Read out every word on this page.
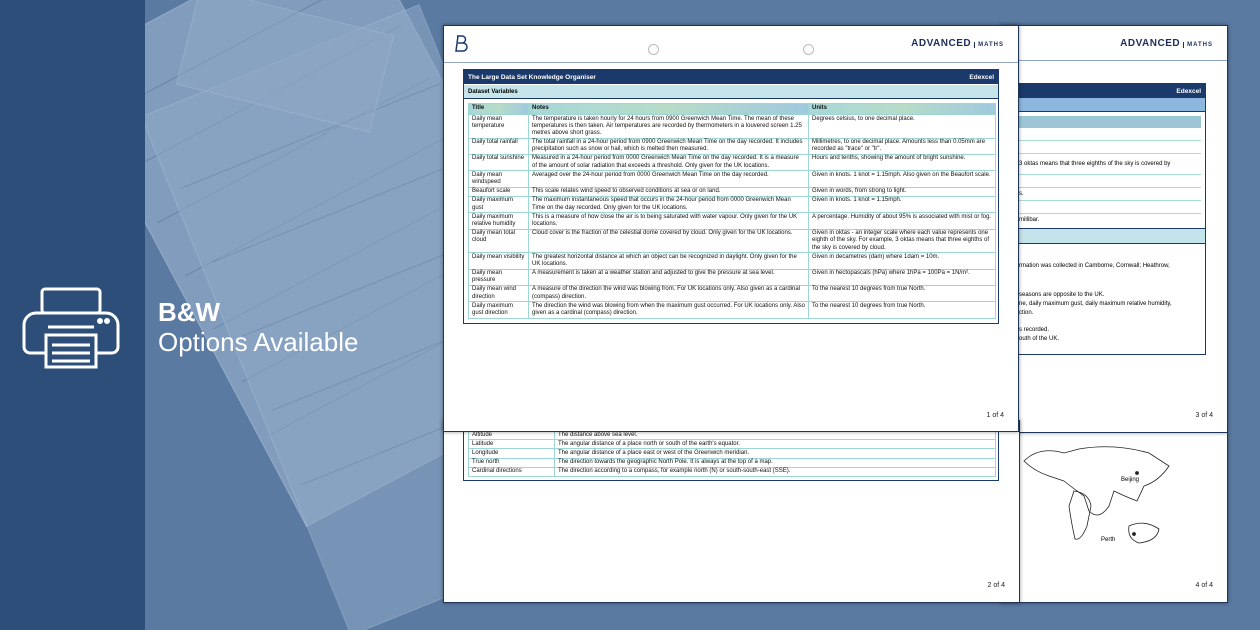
B&W
Options Available
Beijing
Perth
4 of 4
ADVANCED MATHS
Edexcel

3 oktas means that three eighths of the sky is covered by

s.

millibar.
rmation was collected in Camborne, Cornwall; Heathrow,
seasons are opposite to the UK.
ne, daily maximum gust, daily maximum relative humidity,
ction.
s recorded.
outh of the UK.
3 of 4
Altitude	The distance above sea level.
Latitude	The angular distance of a place north or south of the earth's equator.
Longitude	The angular distance of a place east or west of the Greenwich meridian.
True north	The direction towards the geographic North Pole. It is always at the top of a map.
Cardinal directions	The direction according to a compass, for example north (N) or south-south-east (SSE).
2 of 4
ADVANCED MATHS
The Large Data Set Knowledge Organiser	Edexcel
Dataset Variables
Title	Notes	Units
Daily mean temperature	The temperature is taken hourly for 24 hours from 0900 Greenwich Mean Time. The mean of these temperatures is then taken. Air temperatures are recorded by thermometers in a louvered screen 1.25 metres above short grass.	Degrees celsius, to one decimal place.
Daily total rainfall	The total rainfall in a 24-hour period from 0900 Greenwich Mean Time on the day recorded. It includes precipitation such as snow or hail, which is melted then measured.	Millimetres, to one decimal place. Amounts less than 0.05mm are recorded as "trace" or "tr".
Daily total sunshine	Measured in a 24-hour period from 0000 Greenwich Mean Time on the day recorded. It is a measure of the amount of solar radiation that exceeds a threshold. Only given for the UK locations.	Hours and tenths, showing the amount of bright sunshine.
Daily mean windspeed	Averaged over the 24-hour period from 0000 Greenwich Mean Time on the day recorded.	Given in knots. 1 knot = 1.15mph. Also given on the Beaufort scale.
Beaufort scale	This scale relates wind speed to observed conditions at sea or on land.	Given in words, from strong to light.
Daily maximum gust	The maximum instantaneous speed that occurs in the 24-hour period from 0000 Greenwich Mean Time on the day recorded. Only given for the UK locations.	Given in knots. 1 knot = 1.15mph.
Daily maximum relative humidity	This is a measure of how close the air is to being saturated with water vapour. Only given for the UK locations.	A percentage. Humidity of about 95% is associated with mist or fog.
Daily mean total cloud	Cloud cover is the fraction of the celestial dome covered by cloud. Only given for the UK locations.	Given in oktas - an integer scale where each value represents one eighth of the sky. For example, 3 oktas means that three eighths of the sky is covered by cloud.
Daily mean visibility	The greatest horizontal distance at which an object can be recognized in daylight. Only given for the UK locations.	Given in decametres (dam) where 1dam = 10m.
Daily mean pressure	A measurement is taken at a weather station and adjusted to give the pressure at sea level.	Given in hectopascals (hPa) where 1hPa = 100Pa = 1N/m².
Daily mean wind direction	A measure of the direction the wind was blowing from. For UK locations only. Also given as a cardinal (compass) direction.	To the nearest 10 degrees from true North.
Daily maximum gust direction	The direction the wind was blowing from when the maximum gust occurred. For UK locations only. Also given as a cardinal (compass) direction.	To the nearest 10 degrees from true North.
1 of 4
